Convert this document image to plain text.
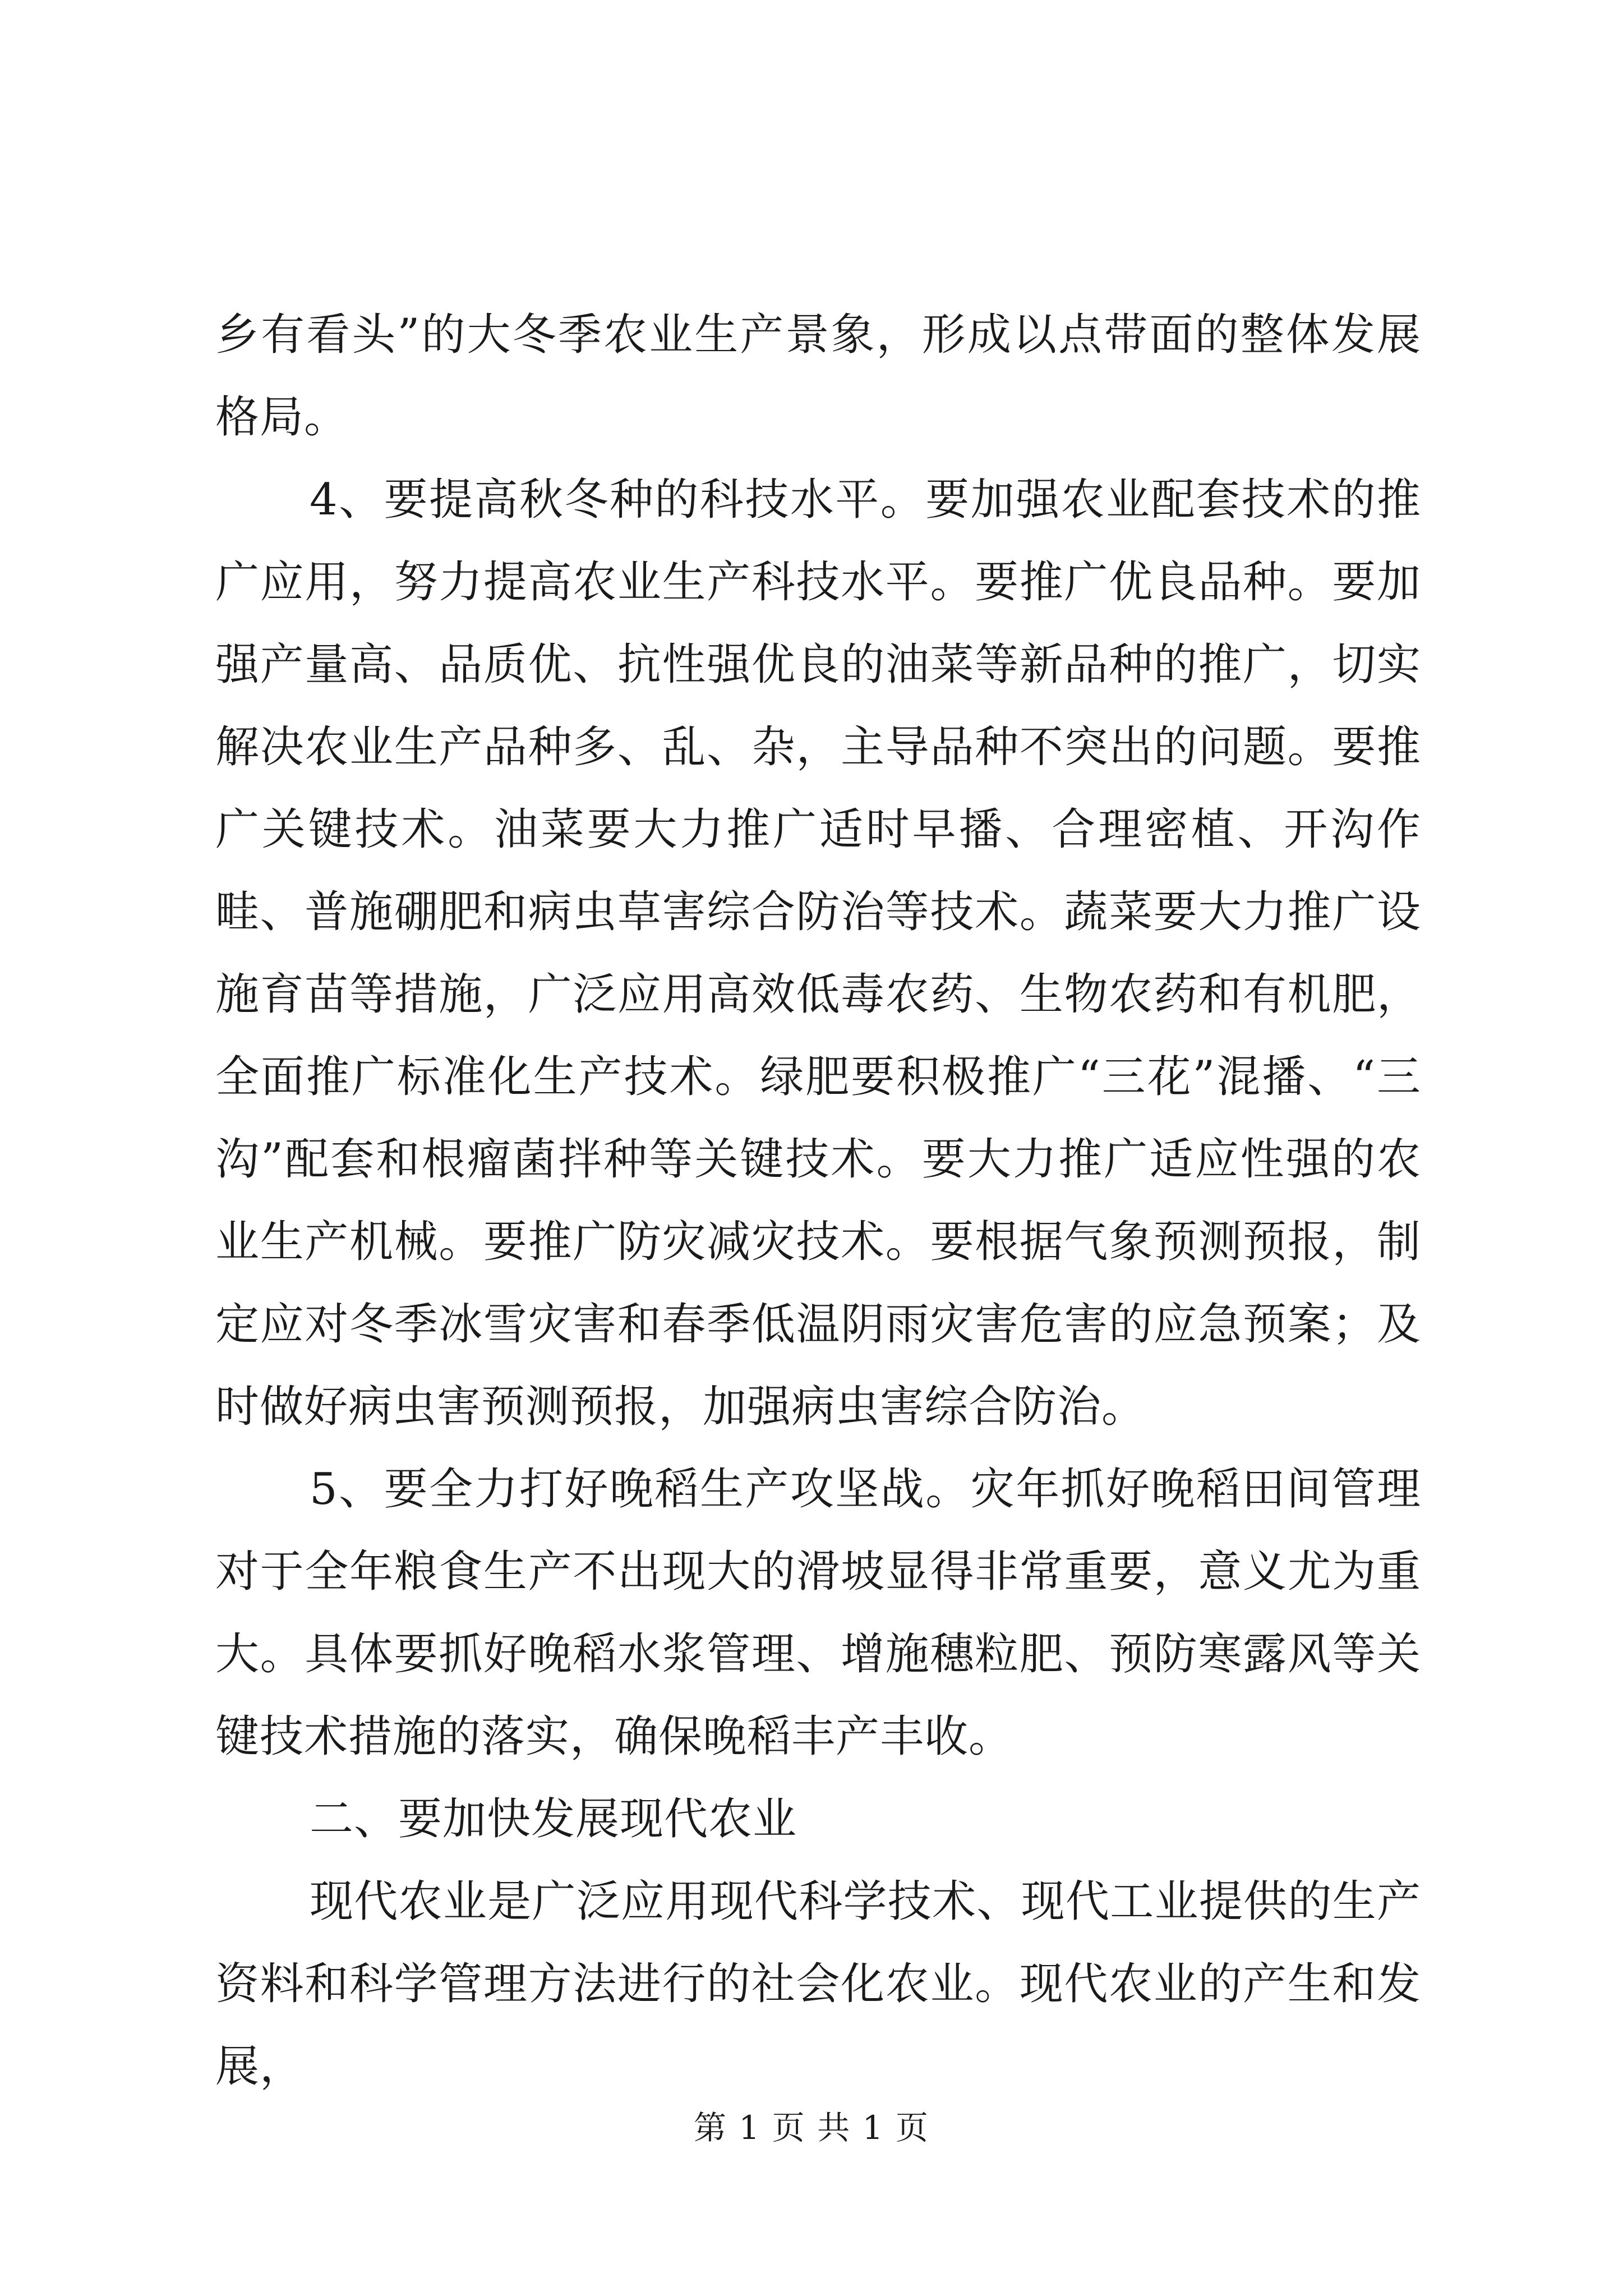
乡有看头”的大冬季农业生产景象，形成以点带面的整体发展格局。

4、要提高秋冬种的科技水平。要加强农业配套技术的推广应用，努力提高农业生产科技水平。要推广优良品种。要加强产量高、品质优、抗性强优良的油菜等新品种的推广，切实解决农业生产品种多、乱、杂，主导品种不突出的问题。要推广关键技术。油菜要大力推广适时早播、合理密植、开沟作畦、普施硼肥和病虫草害综合防治等技术。蔬菜要大力推广设施育苗等措施，广泛应用高效低毒农药、生物农药和有机肥，全面推广标准化生产技术。绿肥要积极推广“三花”混播、“三沟”配套和根瘤菌拌种等关键技术。要大力推广适应性强的农业生产机械。要推广防灾减灾技术。要根据气象预测预报，制定应对冬季冰雪灾害和春季低温阴雨灾害危害的应急预案；及时做好病虫害预测预报，加强病虫害综合防治。

5、要全力打好晚稻生产攻坚战。灾年抓好晚稻田间管理对于全年粮食生产不出现大的滑坡显得非常重要，意义尤为重大。具体要抓好晚稻水浆管理、增施穗粒肥、预防寒露风等关键技术措施的落实，确保晚稻丰产丰收。

二、要加快发展现代农业

现代农业是广泛应用现代科学技术、现代工业提供的生产资料和科学管理方法进行的社会化农业。现代农业的产生和发展，

第 1 页 共 1 页
